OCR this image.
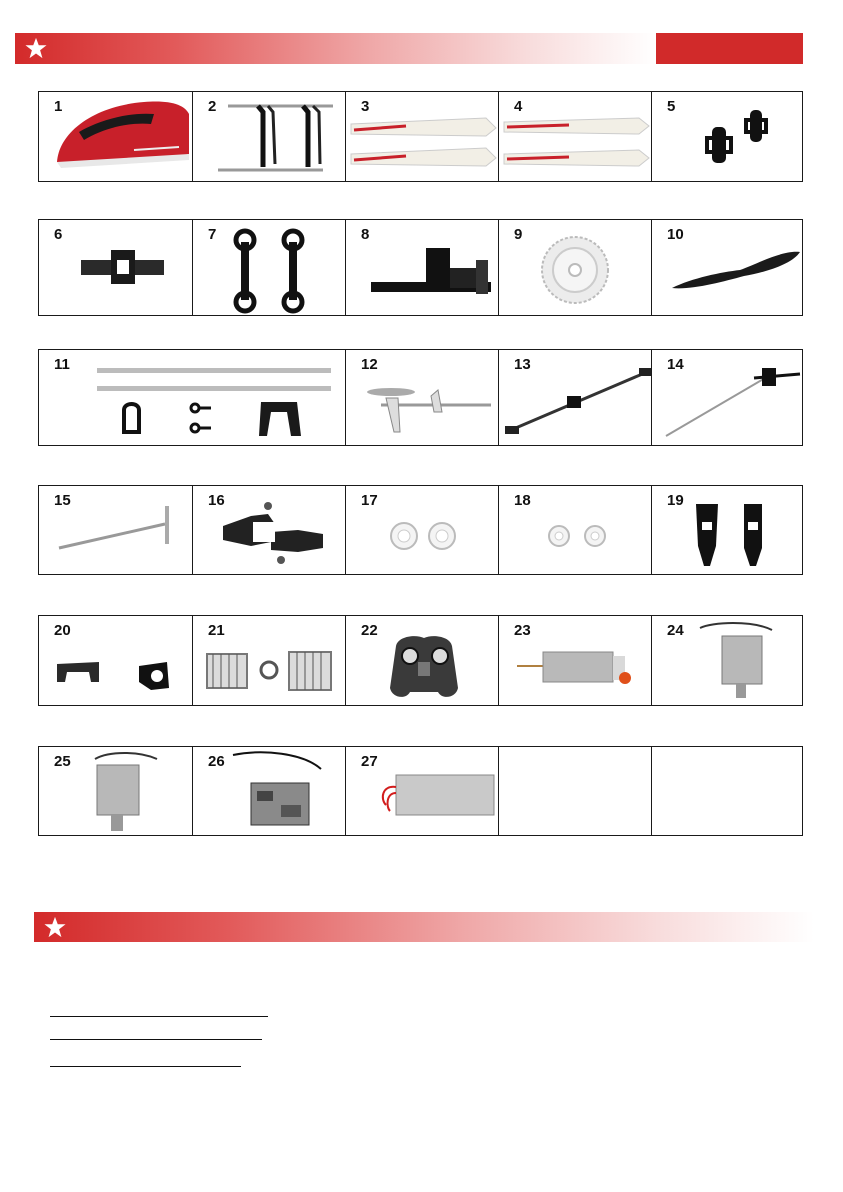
1	2	3	4	5
6	7	8	9	10
11	12	13	14
15	16	17	18	19
20	21	22	23	24
25	26	27
